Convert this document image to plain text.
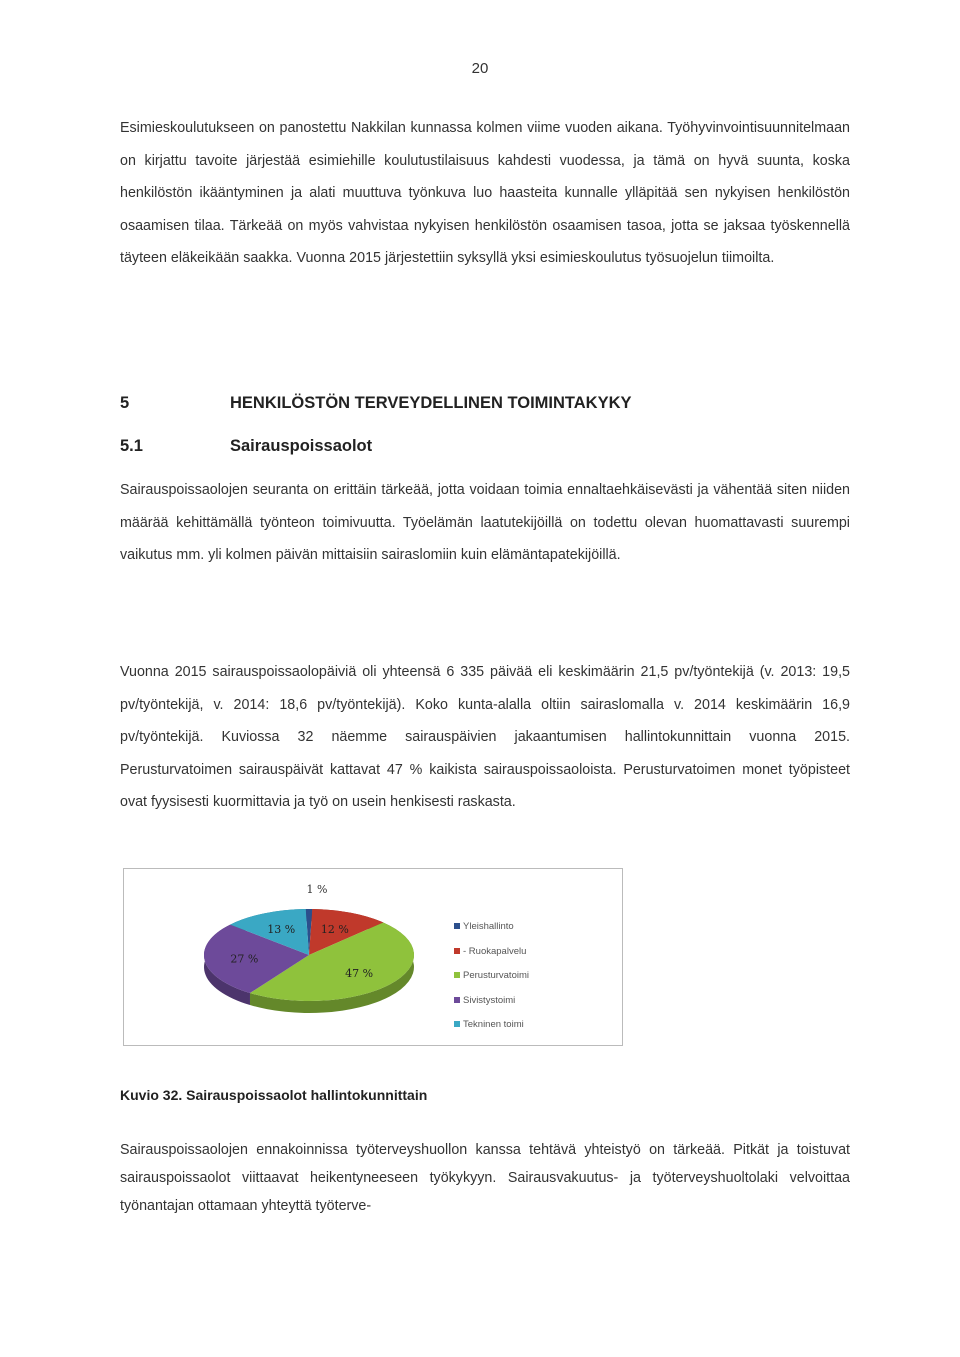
20

Esimieskoulutukseen on panostettu Nakkilan kunnassa kolmen viime vuoden aikana. Työhyvinvointisuunnitelmaan on kirjattu tavoite järjestää esimiehille koulutustilaisuus kahdesti vuodessa, ja tämä on hyvä suunta, koska henkilöstön ikääntyminen ja alati muuttuva työnkuva luo haasteita kunnalle ylläpitää sen nykyisen henkilöstön osaamisen tilaa. Tärkeää on myös vahvistaa nykyisen henkilöstön osaamisen tasoa, jotta se jaksaa työskennellä täyteen eläkeikään saakka. Vuonna 2015 järjestettiin syksyllä yksi esimieskoulutus työsuojelun tiimoilta.

5	HENKILÖSTÖN TERVEYDELLINEN TOIMINTAKYKY
5.1	Sairauspoissaolot

Sairauspoissaolojen seuranta on erittäin tärkeää, jotta voidaan toimia ennaltaehkäisevästi ja vähentää siten niiden määrää kehittämällä työnteon toimivuutta. Työelämän laatutekijöillä on todettu olevan huomattavasti suurempi vaikutus mm. yli kolmen päivän mittaisiin sairaslomiin kuin elämäntapatekijöillä.

Vuonna 2015 sairauspoissaolopäiviä oli yhteensä 6 335 päivää eli keskimäärin 21,5 pv/työntekijä (v. 2013: 19,5 pv/työntekijä, v. 2014: 18,6 pv/työntekijä). Koko kunta-alalla oltiin sairaslomalla v. 2014 keskimäärin 16,9 pv/työntekijä. Kuviossa 32 näemme sairauspäivien jakaantumisen hallintokunnittain vuonna 2015. Perusturvatoimen sairauspäivät kattavat 47 % kaikista sairauspoissaoloista. Perusturvatoimen monet työpisteet ovat fyysisesti kuormittavia ja työ on usein henkisesti raskasta.

1 %
12 %
47 %
27 %
13 %	Yleishallinto
- Ruokapalvelu
Perusturvatoimi
Sivistystoimi
Tekninen toimi

Kuvio 32. Sairauspoissaolot hallintokunnittain

Sairauspoissaolojen ennakoinnissa työterveyshuollon kanssa tehtävä yhteistyö on tärkeää. Pitkät ja toistuvat sairauspoissaolot viittaavat heikentyneeseen työkykyyn. Sairausvakuutus- ja työterveyshuoltolaki velvoittaa työnantajan ottamaan yhteyttä työterve-
